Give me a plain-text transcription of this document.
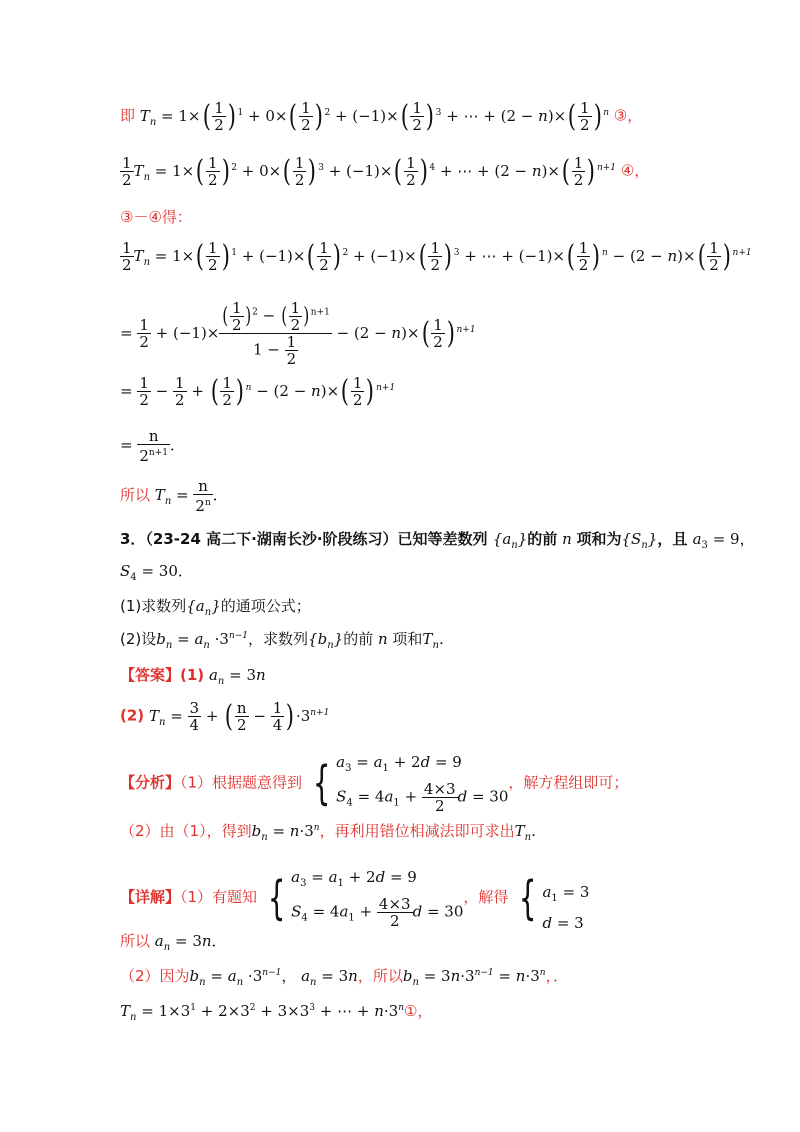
即 $T_n = 1\times( \frac{1}{2}$ ) $^1 + 0\times( \frac{1}{2}$ ) $^2 + (-1)\times( \frac{1}{2}$ ) $^3$ + ⋯ + $(2 - n)\times( \frac{1}{2}$ ) $^n$ ③，
$\frac{1}{2} T_n = 1\times( \frac{1}{2}$ ) $^2 + 0\times( \frac{1}{2}$ ) $^3 + (-1)\times( \frac{1}{2}$ ) $^4$ + ⋯ + $(2 - n)\times( \frac{1}{2}$ ) $^{n+1}$ ④，
③－④得：
$\frac{1}{2} T_n = 1\times( \frac{1}{2}$ ) $^1 + (-1)\times( \frac{1}{2}$ ) $^2 + (-1)\times( \frac{1}{2}$ ) $^3$ + ⋯ + $(-1)\times( \frac{1}{2}$ ) $^n - (2 - n)\times( \frac{1}{2}$ ) $^{n+1}$
= $\frac{1}{2} + (-1)\times \frac{( \frac{1}{2} )^2 - ( \frac{1}{2} )^{n+1}}{1 - \frac{1}{2}} - (2 - n)\times( \frac{1}{2}$ ) $^{n+1}$
= $\frac{1}{2} - \frac{1}{2}$ + ( $\frac{1}{2}$ ) $^n - (2 - n)\times( \frac{1}{2}$ ) $^{n+1}$
= $\frac{n}{2^{n+1}}$ ．
所以 $T_n = \frac{n}{2^n}$ ．
3．（23-24 高二下·湖南长沙·阶段练习）已知等差数列 $\{a_n\}$的前 n 项和为$\{S_n\}$，且 $a_3 = 9$，
$S_4 = 30$．
(1)求数列$\{a_n\}$的通项公式；
(2)设$b_n = a_n \cdot 3^{n-1}$，求数列$\{b_n\}$的前 n 项和$T_n$．
【答案】(1) $a_n = 3n$
(2) $T_n = \frac{3}{4}$ + ( $\frac{n}{2} - \frac{1}{4}$ ) $\cdot 3^{n+1}$
【分析】（1）根据题意得到 { $a_3 = a_1 + 2d = 9$
$S_4 = 4a_1 + \frac{4\times 3}{2}$ d = 30
，解方程组即可；
（2）由（1），得到$b_n = n\cdot 3^n$，再利用错位相减法即可求出$T_n$．
【详解】（1）有题知 { $a_3 = a_1 + 2d = 9$
$S_4 = 4a_1 + \frac{4\times 3}{2}$ d = 30
，解得 { $a_1 = 3$
d = 3
所以 $a_n = 3n$．
（2）因为$b_n = a_n \cdot 3^{n-1}$， $a_n = 3n$，所以$b_n = 3n\cdot 3^{n-1} = n\cdot 3^n$，．
$T_n = 1\times 3^1 + 2\times 3^2 + 3\times 3^3$ + ⋯ + $n\cdot 3^n①$，
